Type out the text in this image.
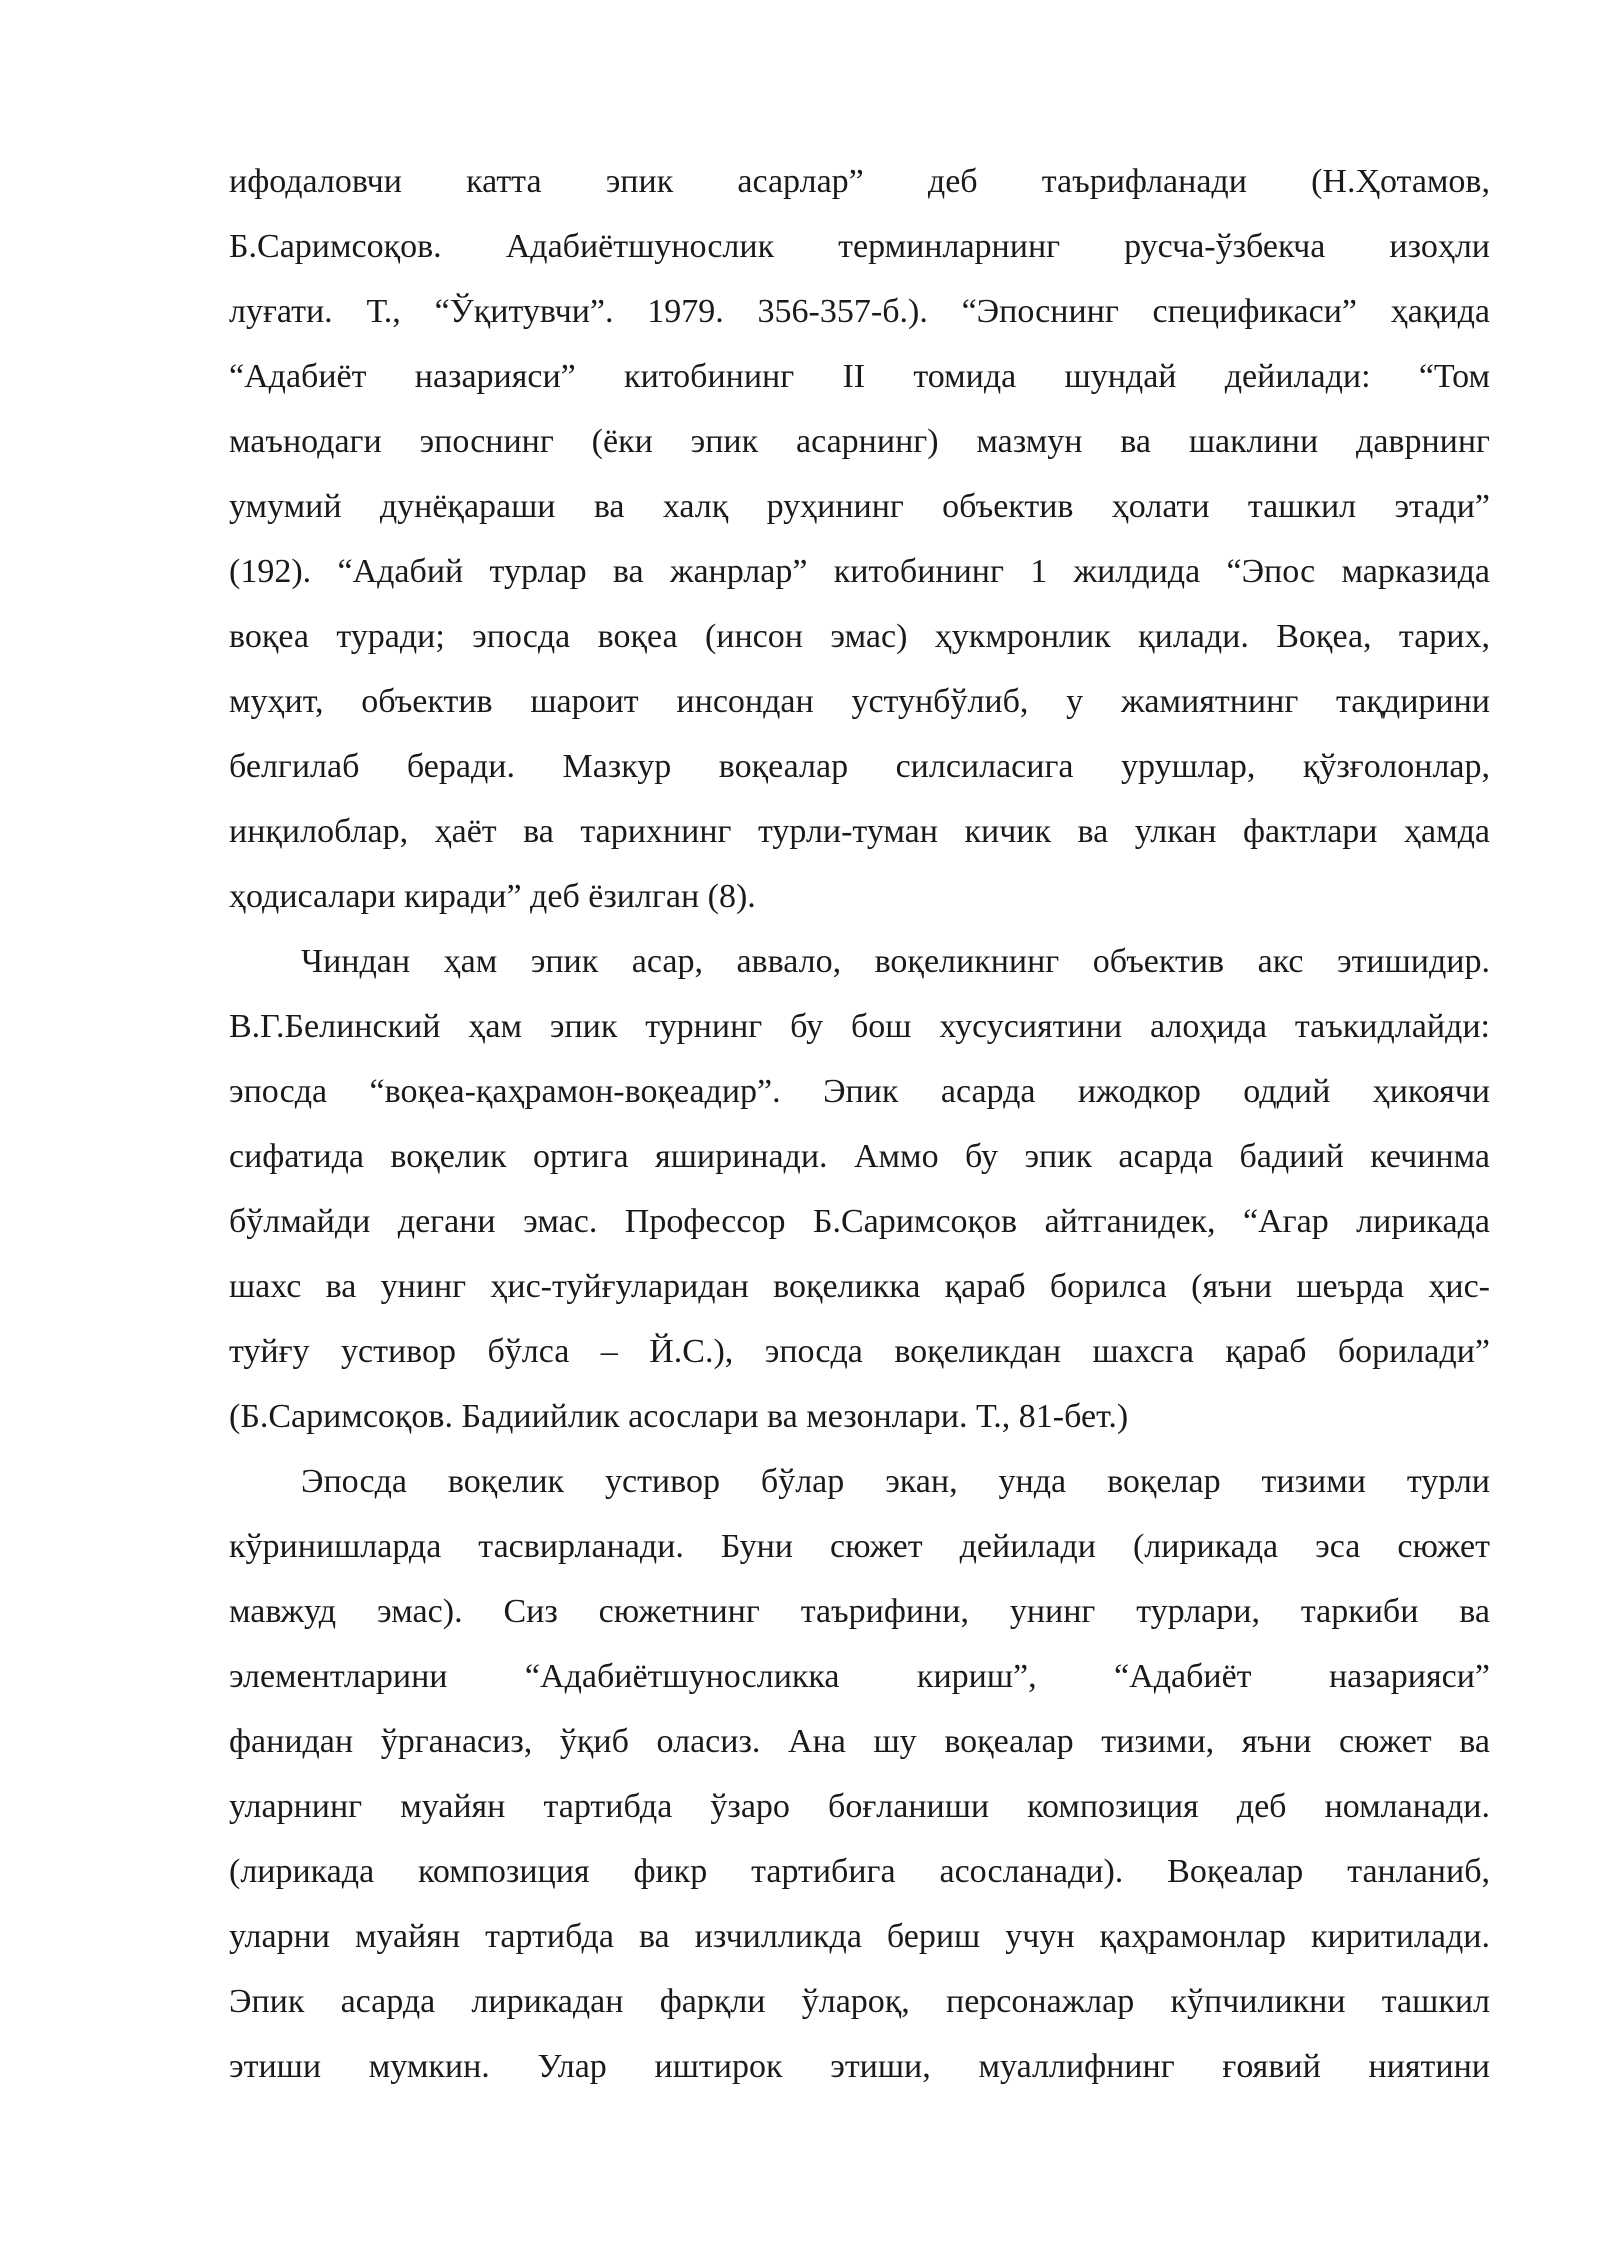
ифодаловчи катта эпик асарлар” деб таърифланади (Н.Ҳотамов,
Б.Саримсоқов. Адабиётшунослик терминларнинг русча-ўзбекча изоҳли
луғати. Т., “Ўқитувчи”. 1979. 356-357-б.). “Эпоснинг спецификаси” ҳақида
“Адабиёт назарияси” китобининг II томида шундай дейилади: “Том
маънодаги эпоснинг (ёки эпик асарнинг) мазмун ва шаклини даврнинг
умумий дунёқараши ва халқ руҳининг объектив ҳолати ташкил этади”
(192). “Адабий турлар ва жанрлар” китобининг 1 жилдида “Эпос марказида
воқеа туради; эпосда воқеа (инсон эмас) ҳукмронлик қилади. Воқеа, тарих,
муҳит, объектив шароит инсондан устунбўлиб, у жамиятнинг тақдирини
белгилаб беради. Мазкур воқеалар силсиласига урушлар, қўзғолонлар,
инқилоблар, ҳаёт ва тарихнинг турли-туман кичик ва улкан фактлари ҳамда
ҳодисалари киради” деб ёзилган (8).
Чиндан ҳам эпик асар, аввало, воқеликнинг объектив акс этишидир.
В.Г.Белинский ҳам эпик турнинг бу бош хусусиятини алоҳида таъкидлайди:
эпосда “воқеа-қаҳрамон-воқеадир”. Эпик асарда ижодкор оддий ҳикоячи
сифатида воқелик ортига яширинади. Аммо бу эпик асарда бадиий кечинма
бўлмайди дегани эмас. Профессор Б.Саримсоқов айтганидек, “Агар лирикада
шахс ва унинг ҳис-туйғуларидан воқеликка қараб борилса (яъни шеърда ҳис-
туйғу устивор бўлса – Й.С.), эпосда воқеликдан шахсга қараб борилади”
(Б.Саримсоқов. Бадиийлик асослари ва мезонлари. Т., 81-бет.)
Эпосда воқелик устивор бўлар экан, унда воқелар тизими турли
кўринишларда тасвирланади. Буни сюжет дейилади (лирикада эса сюжет
мавжуд эмас). Сиз сюжетнинг таърифини, унинг турлари, таркиби ва
элементларини “Адабиётшуносликка кириш”, “Адабиёт назарияси”
фанидан ўрганасиз, ўқиб оласиз. Ана шу воқеалар тизими, яъни сюжет ва
уларнинг муайян тартибда ўзаро боғланиши композиция деб номланади.
(лирикада композиция фикр тартибига асосланади). Воқеалар танланиб,
уларни муайян тартибда ва изчилликда бериш учун қаҳрамонлар киритилади.
Эпик асарда лирикадан фарқли ўлароқ, персонажлар кўпчиликни ташкил
этиши мумкин. Улар иштирок этиши, муаллифнинг ғоявий ниятини
